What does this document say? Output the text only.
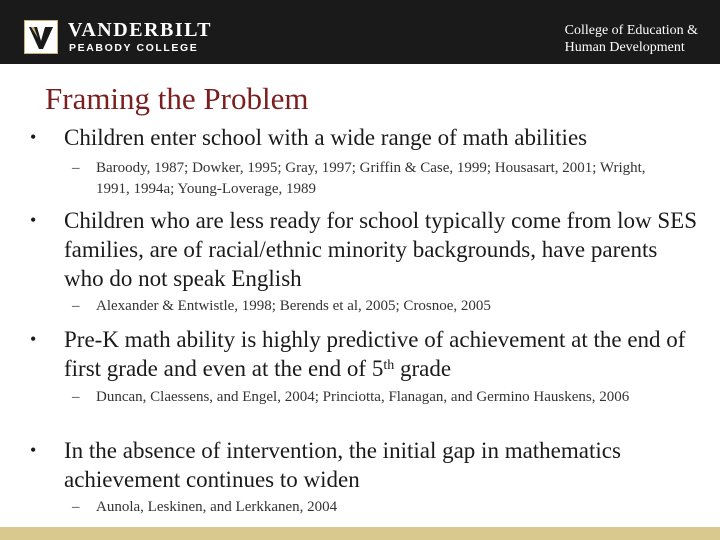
VANDERBILT
PEABODY COLLEGE
College of Education &
Human Development
Framing the Problem
•	Children enter school with a wide range of math abilities
–	Baroody, 1987; Dowker, 1995; Gray, 1997; Griffin & Case, 1999; Housasart, 2001; Wright, 1991, 1994a; Young-Loverage, 1989
•	Children who are less ready for school typically come from low SES families, are of racial/ethnic minority backgrounds, have parents who do not speak English
–	Alexander & Entwistle, 1998; Berends et al, 2005; Crosnoe, 2005
•	Pre-K math ability is highly predictive of achievement at the end of first grade and even at the end of 5th grade
–	Duncan, Claessens, and Engel, 2004; Princiotta, Flanagan, and Germino Hauskens, 2006
•	In the absence of intervention, the initial gap in mathematics achievement continues to widen
–	Aunola, Leskinen, and Lerkkanen, 2004
